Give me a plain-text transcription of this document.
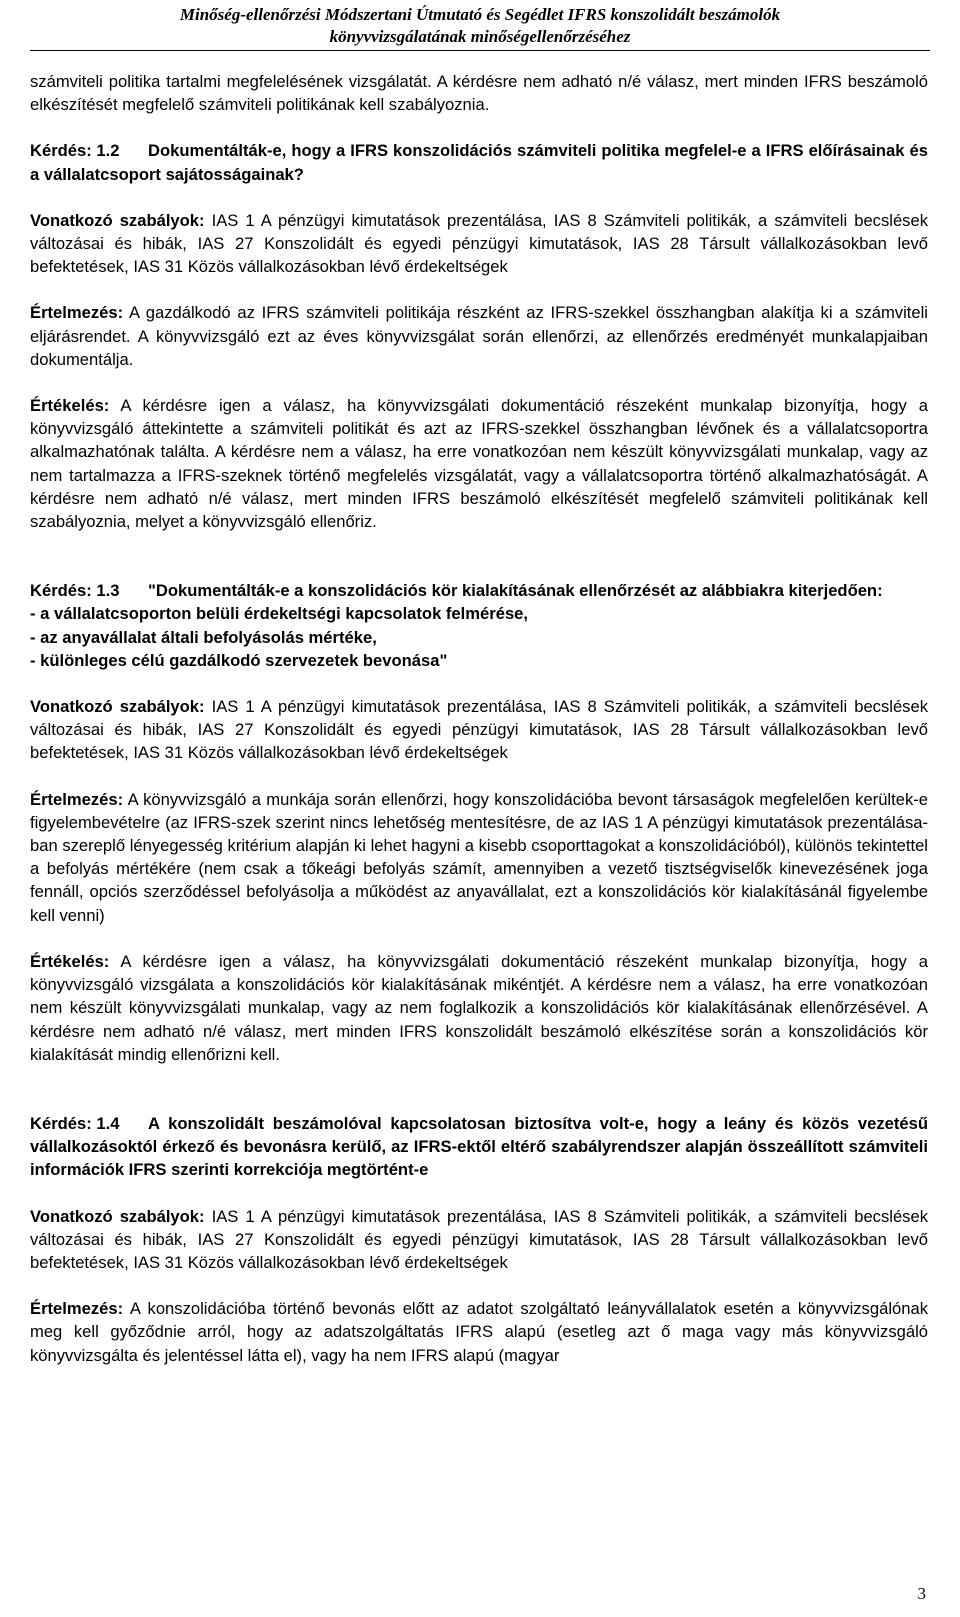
Minőség-ellenőrzési Módszertani Útmutató és Segédlet IFRS konszolidált beszámolók
könyvvizsgálatának minőségellenőrzéséhez

számviteli politika tartalmi megfelelésének vizsgálatát. A kérdésre nem adható n/é válasz, mert minden IFRS beszámoló elkészítését megfelelő számviteli politikának kell szabályoznia.

Kérdés: 1.2 Dokumentálták-e, hogy a IFRS konszolidációs számviteli politika megfelel-e a IFRS előírásainak és a vállalatcsoport sajátosságainak?

Vonatkozó szabályok: IAS 1 A pénzügyi kimutatások prezentálása, IAS 8 Számviteli politikák, a számviteli becslések változásai és hibák, IAS 27 Konszolidált és egyedi pénzügyi kimutatások, IAS 28 Társult vállalkozásokban levő befektetések, IAS 31 Közös vállalkozásokban lévő érdekeltségek

Értelmezés: A gazdálkodó az IFRS számviteli politikája részként az IFRS-szekkel összhangban alakítja ki a számviteli eljárásrendet. A könyvvizsgáló ezt az éves könyvvizsgálat során ellenőrzi, az ellenőrzés eredményét munkalapjaiban dokumentálja.

Értékelés: A kérdésre igen a válasz, ha könyvvizsgálati dokumentáció részeként munkalap bizonyítja, hogy a könyvvizsgáló áttekintette a számviteli politikát és azt az IFRS-szekkel összhangban lévőnek és a vállalatcsoportra alkalmazhatónak találta. A kérdésre nem a válasz, ha erre vonatkozóan nem készült könyvvizsgálati munkalap, vagy az nem tartalmazza a IFRS-szeknek történő megfelelés vizsgálatát, vagy a vállalatcsoportra történő alkalmazhatóságát. A kérdésre nem adható n/é válasz, mert minden IFRS beszámoló elkészítését megfelelő számviteli politikának kell szabályoznia, melyet a könyvvizsgáló ellenőriz.

Kérdés: 1.3 "Dokumentálták-e a konszolidációs kör kialakításának ellenőrzését az alábbiakra kiterjedően:
- a vállalatcsoporton belüli érdekeltségi kapcsolatok felmérése,
- az anyavállalat általi befolyásolás mértéke,
- különleges célú gazdálkodó szervezetek bevonása"

Vonatkozó szabályok: IAS 1 A pénzügyi kimutatások prezentálása, IAS 8 Számviteli politikák, a számviteli becslések változásai és hibák, IAS 27 Konszolidált és egyedi pénzügyi kimutatások, IAS 28 Társult vállalkozásokban levő befektetések, IAS 31 Közös vállalkozásokban lévő érdekeltségek

Értelmezés: A könyvvizsgáló a munkája során ellenőrzi, hogy konszolidációba bevont társaságok megfelelően kerültek-e figyelembevételre (az IFRS-szek szerint nincs lehetőség mentesítésre, de az IAS 1 A pénzügyi kimutatások prezentálása-ban szereplő lényegesség kritérium alapján ki lehet hagyni a kisebb csoporttagokat a konszolidációból), különös tekintettel a befolyás mértékére (nem csak a tőkeági befolyás számít, amennyiben a vezető tisztségviselők kinevezésének joga fennáll, opciós szerződéssel befolyásolja a működést az anyavállalat, ezt a konszolidációs kör kialakításánál figyelembe kell venni)

Értékelés: A kérdésre igen a válasz, ha könyvvizsgálati dokumentáció részeként munkalap bizonyítja, hogy a könyvvizsgáló vizsgálata a konszolidációs kör kialakításának mikéntjét. A kérdésre nem a válasz, ha erre vonatkozóan nem készült könyvvizsgálati munkalap, vagy az nem foglalkozik a konszolidációs kör kialakításának ellenőrzésével. A kérdésre nem adható n/é válasz, mert minden IFRS konszolidált beszámoló elkészítése során a konszolidációs kör kialakítását mindig ellenőrizni kell.

Kérdés: 1.4 A konszolidált beszámolóval kapcsolatosan biztosítva volt-e, hogy a leány és közös vezetésű vállalkozásoktól érkező és bevonásra kerülő, az IFRS-ektől eltérő szabályrendszer alapján összeállított számviteli információk IFRS szerinti korrekciója megtörtént-e

Vonatkozó szabályok: IAS 1 A pénzügyi kimutatások prezentálása, IAS 8 Számviteli politikák, a számviteli becslések változásai és hibák, IAS 27 Konszolidált és egyedi pénzügyi kimutatások, IAS 28 Társult vállalkozásokban levő befektetések, IAS 31 Közös vállalkozásokban lévő érdekeltségek

Értelmezés: A konszolidációba történő bevonás előtt az adatot szolgáltató leányvállalatok esetén a könyvvizsgálónak meg kell győződnie arról, hogy az adatszolgáltatás IFRS alapú (esetleg azt ő maga vagy más könyvvizsgáló könyvvizsgálta és jelentéssel látta el), vagy ha nem IFRS alapú (magyar

3
